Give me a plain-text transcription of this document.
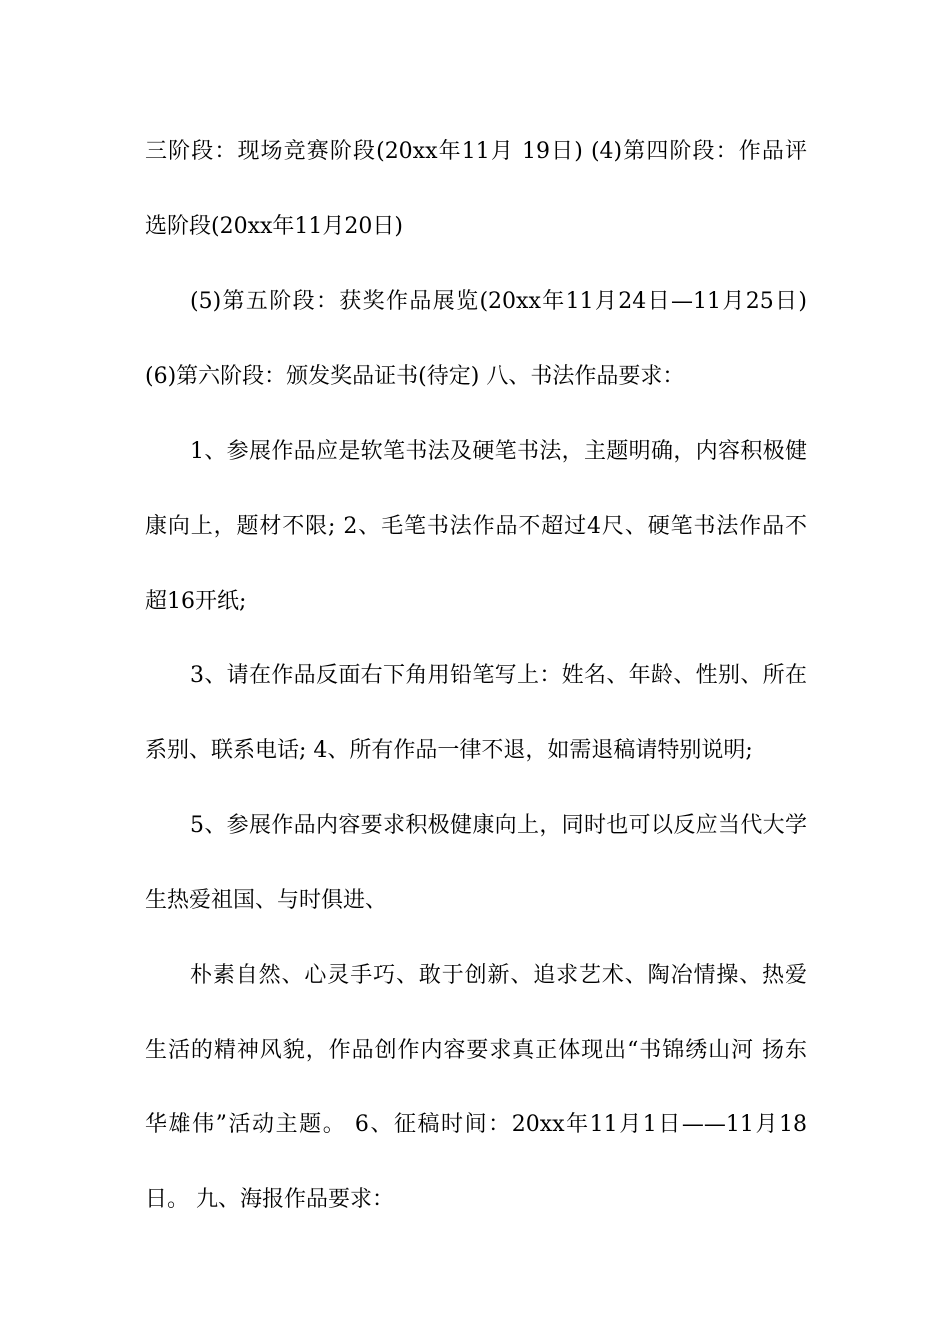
三阶段：现场竞赛阶段(20xx年11月 19日) (4)第四阶段：作品评
选阶段(20xx年11月20日)
(5)第五阶段：获奖作品展览(20xx年11月24日—11月25日)
(6)第六阶段：颁发奖品证书(待定) 八、书法作品要求：
1、参展作品应是软笔书法及硬笔书法，主题明确，内容积极健
康向上，题材不限; 2、毛笔书法作品不超过4尺、硬笔书法作品不
超16开纸;
3、请在作品反面右下角用铅笔写上：姓名、年龄、性别、所在
系别、联系电话; 4、所有作品一律不退，如需退稿请特别说明;
5、参展作品内容要求积极健康向上，同时也可以反应当代大学
生热爱祖国、与时俱进、
朴素自然、心灵手巧、敢于创新、追求艺术、陶冶情操、热爱
生活的精神风貌，作品创作内容要求真正体现出“书锦绣山河 扬东
华雄伟”活动主题。 6、征稿时间：20xx年11月1日——11月18
日。 九、海报作品要求：
